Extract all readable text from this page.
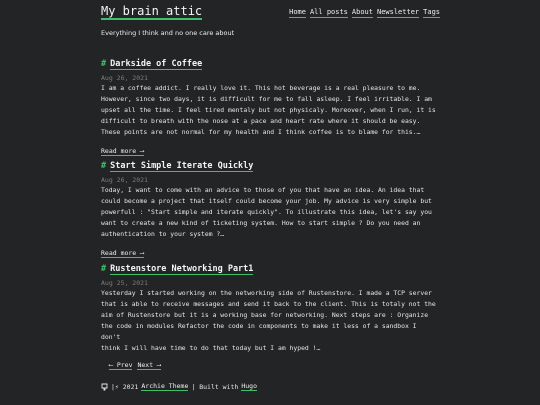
My brain attic	Home All posts About Newsletter Tags
Everything I think and no one care about
# Darkside of Coffee
Aug 26, 2021
I am a coffee addict. I really love it. This hot beverage is a real pleasure to me.
However, since two days, it is difficult for me to fall asleep. I feel irritable. I am
upset all the time. I feel tired mentaly but not physicaly. Moreover, when I run, it is
difficult to breath with the nose at a pace and heart rate where it should be easy.
These points are not normal for my health and I think coffee is to blame for this.…
Read more ⟶
# Start Simple Iterate Quickly
Aug 26, 2021
Today, I want to come with an advice to those of you that have an idea. An idea that
could become a project that itself could become your job. My advice is very simple but
powerfull : "Start simple and iterate quickly". To illustrate this idea, let's say you
want to create a new kind of ticketing system. How to start simple ? Do you need an
authentication to your system ?…
Read more ⟶
# Rustenstore Networking Part1
Aug 25, 2021
Yesterday I started working on the networking side of Rustenstore. I made a TCP server
that is able to receive messages and send it back to the client. This is totaly not the
aim of Rustenstore but it is a working base for networking. Next steps are : Organize
the code in modules Refactor the code in components to make it less of a sandbox I don't
think I will have time to do that today but I am hyped !…
⟵ Prev Next ⟶
|⚡ 2021 Archie Theme | Built with Hugo
